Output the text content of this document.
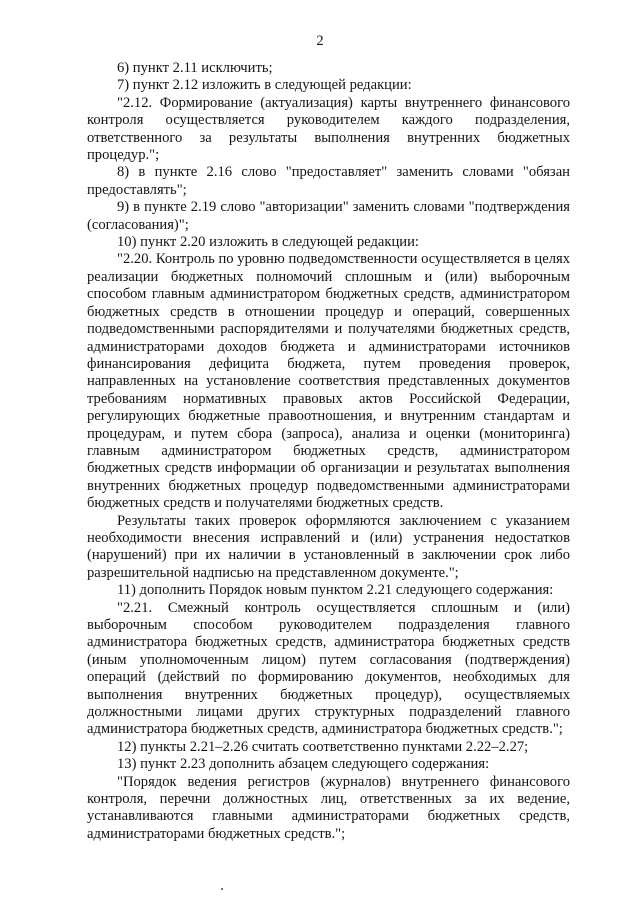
2

6) пункт 2.11 исключить;

7) пункт 2.12 изложить в следующей редакции:

"2.12. Формирование (актуализация) карты внутреннего финансового контроля осуществляется руководителем каждого подразделения, ответственного за результаты выполнения внутренних бюджетных процедур.";

8) в пункте 2.16 слово "предоставляет" заменить словами "обязан предоставлять";

9) в пункте 2.19 слово "авторизации" заменить словами "подтверждения (согласования)";

10) пункт 2.20 изложить в следующей редакции:

"2.20. Контроль по уровню подведомственности осуществляется в целях реализации бюджетных полномочий сплошным и (или) выборочным способом главным администратором бюджетных средств, администратором бюджетных средств в отношении процедур и операций, совершенных подведомственными распорядителями и получателями бюджетных средств, администраторами доходов бюджета и администраторами источников финансирования дефицита бюджета, путем проведения проверок, направленных на установление соответствия представленных документов требованиям нормативных правовых актов Российской Федерации, регулирующих бюджетные правоотношения, и внутренним стандартам и процедурам, и путем сбора (запроса), анализа и оценки (мониторинга) главным администратором бюджетных средств, администратором бюджетных средств информации об организации и результатах выполнения внутренних бюджетных процедур подведомственными администраторами бюджетных средств и получателями бюджетных средств.

Результаты таких проверок оформляются заключением с указанием необходимости внесения исправлений и (или) устранения недостатков (нарушений) при их наличии в установленный в заключении срок либо разрешительной надписью на представленном документе.";

11) дополнить Порядок новым пунктом 2.21 следующего содержания:

"2.21. Смежный контроль осуществляется сплошным и (или) выборочным способом руководителем подразделения главного администратора бюджетных средств, администратора бюджетных средств (иным уполномоченным лицом) путем согласования (подтверждения) операций (действий по формированию документов, необходимых для выполнения внутренних бюджетных процедур), осуществляемых должностными лицами других структурных подразделений главного администратора бюджетных средств, администратора бюджетных средств.";

12) пункты 2.21–2.26 считать соответственно пунктами 2.22–2.27;

13) пункт 2.23 дополнить абзацем следующего содержания:

"Порядок ведения регистров (журналов) внутреннего финансового контроля, перечни должностных лиц, ответственных за их ведение, устанавливаются главными администраторами бюджетных средств, администраторами бюджетных средств.";
